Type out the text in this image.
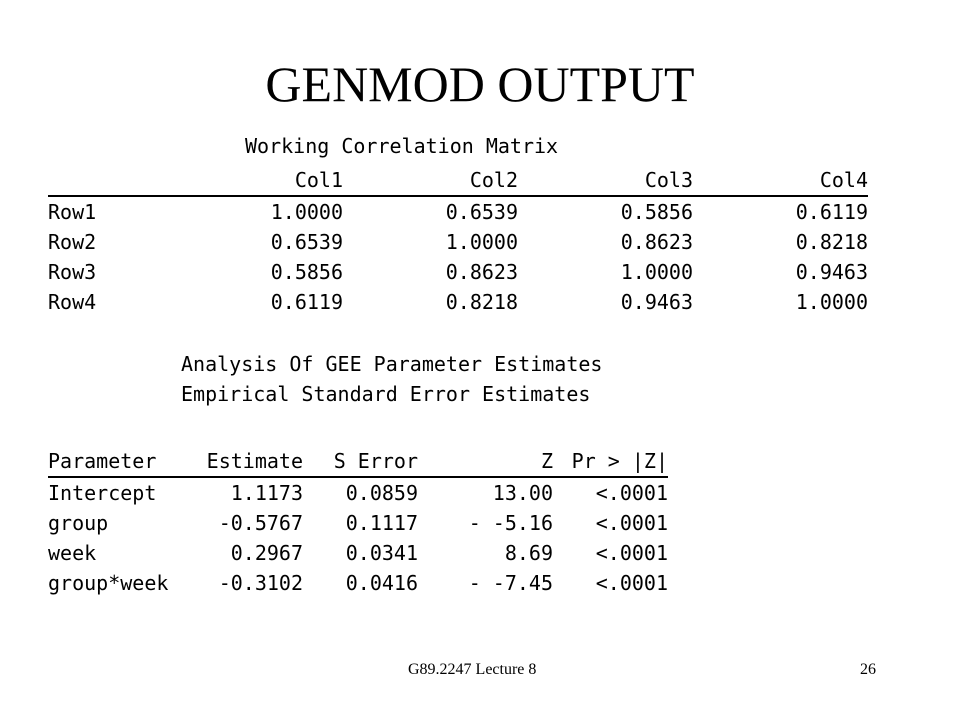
GENMOD OUTPUT
Working Correlation Matrix
	Col1	Col2	Col3	Col4
Row1	1.0000	0.6539	0.5856	0.6119
Row2	0.6539	1.0000	0.8623	0.8218
Row3	0.5856	0.8623	1.0000	0.9463
Row4	0.6119	0.8218	0.9463	1.0000
Analysis Of GEE Parameter Estimates
Empirical Standard Error Estimates
Parameter	Estimate	S Error	Z	Pr > |Z|
Intercept	1.1173	0.0859	13.00	<.0001
group	-0.5767	0.1117	- -5.16	<.0001
week	0.2967	0.0341	8.69	<.0001
group*week	-0.3102	0.0416	- -7.45	<.0001
G89.2247 Lecture 8	26
